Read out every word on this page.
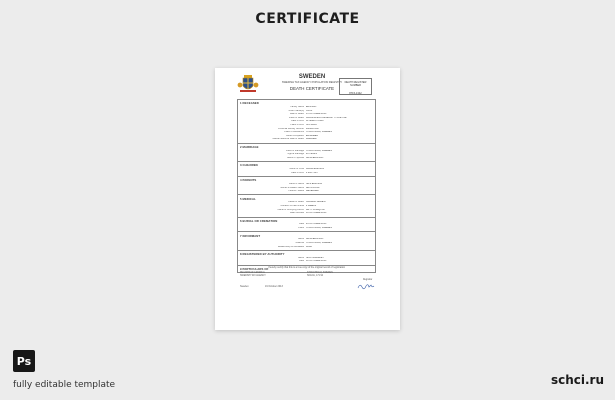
CERTIFICATE
SWEDEN
SWEDISH TAX AGENCY POPULATION REGISTRY
DEATH CERTIFICATE
DEATH REGISTER NUMBER
8715-1342
1 DECEASED
Family Name ERIKSON
Given Name(s) OLOF
Date of Death 15 OCTOBER 2013
Place of Death KAROLINSKA UNIVERSITY HOSPITAL
Date of Birth 12 MARCH 1948
Place of Birth UPPSALA
Personal Identity Number 480312-1157
Place of Residence STOCKHOLM, SWEDEN
Usual Occupation ENGINEER
Marital Status at Date of Death MARRIED
2 MARRIAGE
Place of Marriage STOCKHOLM, SWEDEN
Age at Marriage 26 YEARS
Name of Spouse ANNA ERIKSON
3 CHILDREN
Name of Child KARIN ERIKSON
Date of Birth 4 MAY 1977
4 PARENTS
Father's Name NILS ERIKSON
Mother's Maiden Name BRITA LUND
Parents' Status DECEASED
5 MEDICAL
Cause of Death CARDIAC ARREST
Duration of Last Illness 2 WEEKS
Name of Certifying Doctor DR. L. LINDQVIST
Date Certified 16 OCTOBER 2013
6 BURIAL OR CREMATION
Date 24 OCTOBER 2013
Place STOCKHOLM, SWEDEN
7 INFORMANT
Name ANNA ERIKSON
Address STOCKHOLM, SWEDEN
Relationship to Deceased WIFE
8 REGISTERED BY AUTHORITY
Name SKATTEVERKET
Date 18 OCTOBER 2013
9 PARTICULARS OF I hereby certify that this is a true copy of the original record of registration
REGISTRAR GENERAL
SWEDISH TAX AGENCY
STOCKHOLM, SWEDEN
SOLNA, 171 94
Registrar
Sweden	19 October 2013
Ps
fully editable template	schci.ru
